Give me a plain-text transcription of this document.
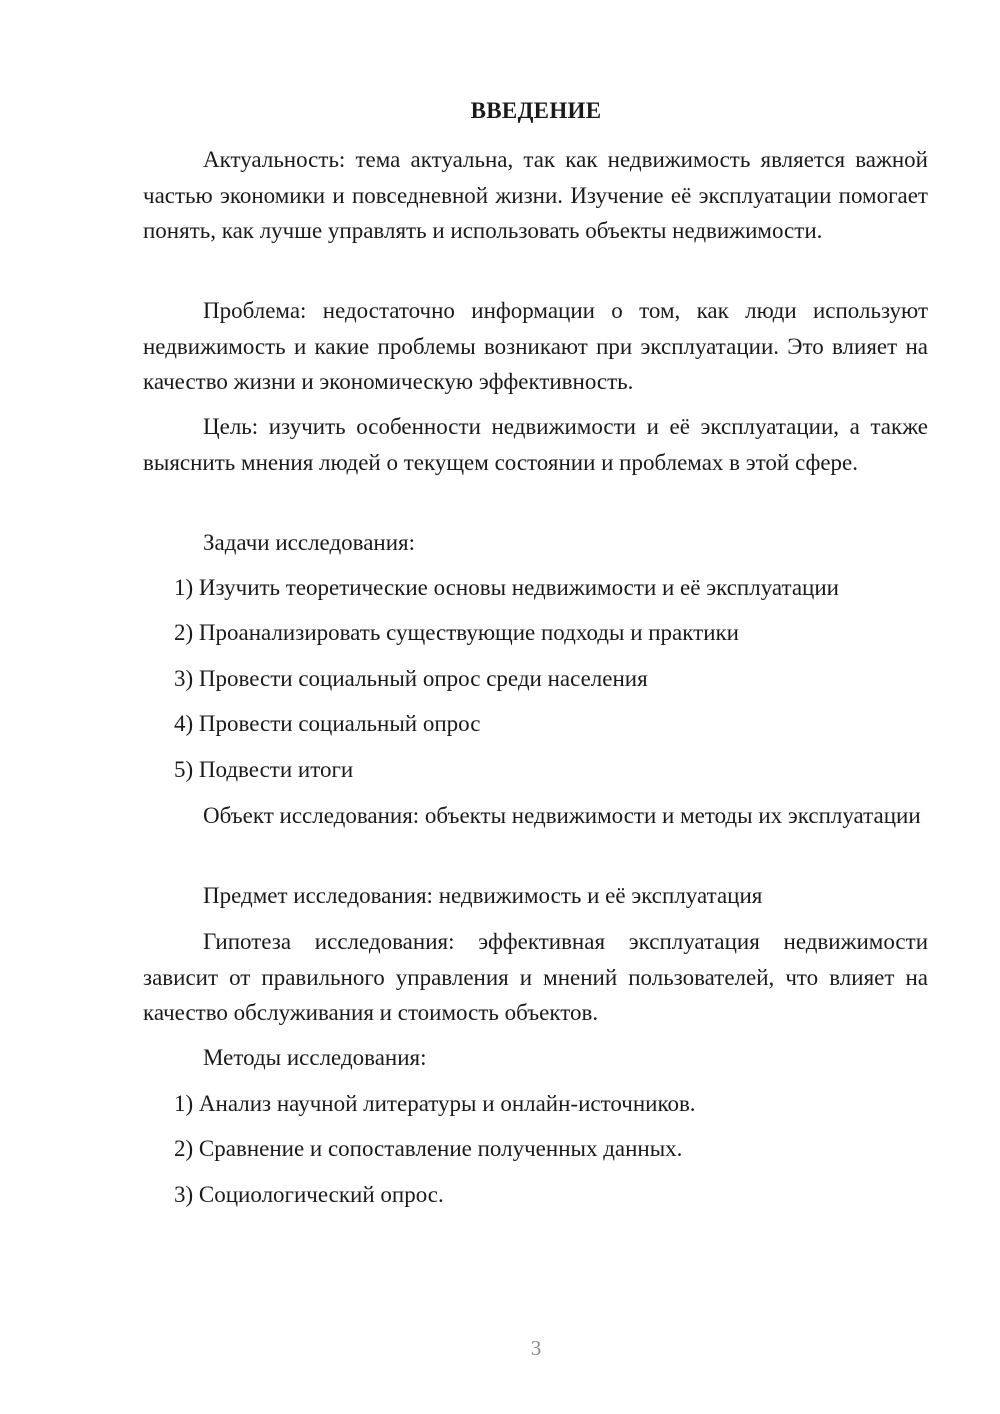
ВВЕДЕНИЕ

Актуальность: тема актуальна, так как недвижимость является важной частью экономики и повседневной жизни. Изучение её эксплуатации помогает понять, как лучше управлять и использовать объекты недвижимости.

Проблема: недостаточно информации о том, как люди используют недвижимость и какие проблемы возникают при эксплуатации. Это влияет на качество жизни и экономическую эффективность.

Цель: изучить особенности недвижимости и её эксплуатации, а также выяснить мнения людей о текущем состоянии и проблемах в этой сфере.

Задачи исследования:

1) Изучить теоретические основы недвижимости и её эксплуатации

2) Проанализировать существующие подходы и практики

3) Провести социальный опрос среди населения

4) Провести социальный опрос

5) Подвести итоги

Объект исследования: объекты недвижимости и методы их эксплуатации

Предмет исследования: недвижимость и её эксплуатация

Гипотеза исследования: эффективная эксплуатация недвижимости зависит от правильного управления и мнений пользователей, что влияет на качество обслуживания и стоимость объектов.

Методы исследования:

1) Анализ научной литературы и онлайн-источников.

2) Сравнение и сопоставление полученных данных.

3) Социологический опрос.

3
